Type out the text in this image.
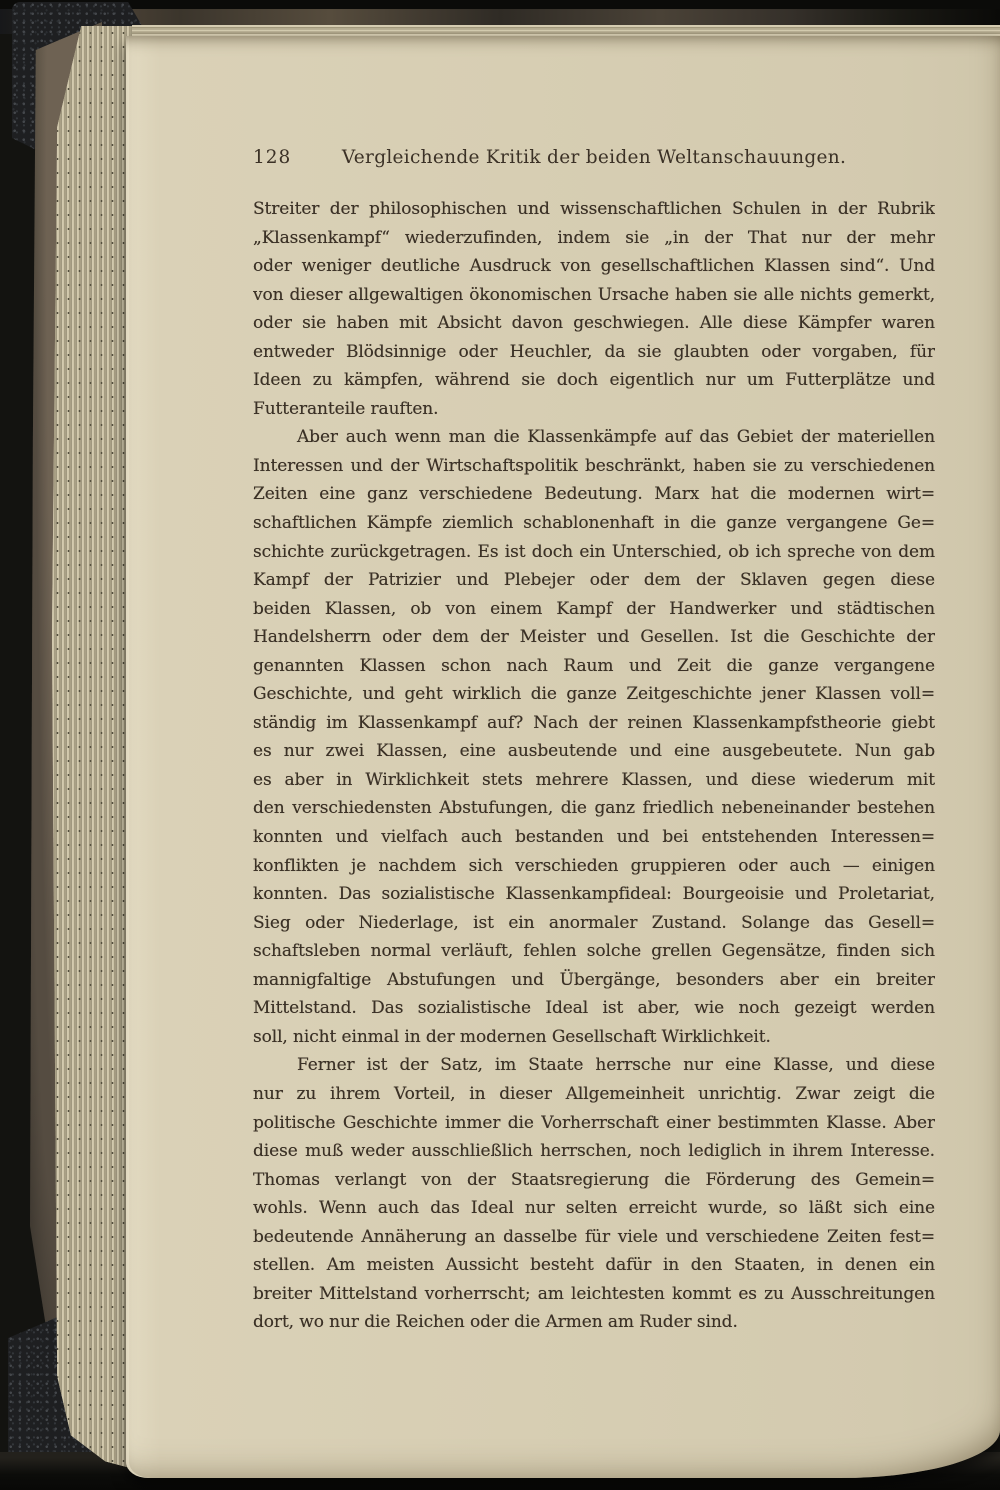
128	Vergleichende Kritik der beiden Weltanschauungen.
Streiter der philosophischen und wissenschaftlichen Schulen in der Rubrik
„Klassenkampf“ wiederzufinden, indem sie „in der That nur der mehr
oder weniger deutliche Ausdruck von gesellschaftlichen Klassen sind“. Und
von dieser allgewaltigen ökonomischen Ursache haben sie alle nichts gemerkt,
oder sie haben mit Absicht davon geschwiegen. Alle diese Kämpfer waren
entweder Blödsinnige oder Heuchler, da sie glaubten oder vorgaben, für
Ideen zu kämpfen, während sie doch eigentlich nur um Futterplätze und
Futteranteile rauften.
Aber auch wenn man die Klassenkämpfe auf das Gebiet der materiellen
Interessen und der Wirtschaftspolitik beschränkt, haben sie zu verschiedenen
Zeiten eine ganz verschiedene Bedeutung. Marx hat die modernen wirt=
schaftlichen Kämpfe ziemlich schablonenhaft in die ganze vergangene Ge=
schichte zurückgetragen. Es ist doch ein Unterschied, ob ich spreche von dem
Kampf der Patrizier und Plebejer oder dem der Sklaven gegen diese
beiden Klassen, ob von einem Kampf der Handwerker und städtischen
Handelsherrn oder dem der Meister und Gesellen. Ist die Geschichte der
genannten Klassen schon nach Raum und Zeit die ganze vergangene
Geschichte, und geht wirklich die ganze Zeitgeschichte jener Klassen voll=
ständig im Klassenkampf auf? Nach der reinen Klassenkampfstheorie giebt
es nur zwei Klassen, eine ausbeutende und eine ausgebeutete. Nun gab
es aber in Wirklichkeit stets mehrere Klassen, und diese wiederum mit
den verschiedensten Abstufungen, die ganz friedlich nebeneinander bestehen
konnten und vielfach auch bestanden und bei entstehenden Interessen=
konflikten je nachdem sich verschieden gruppieren oder auch — einigen
konnten. Das sozialistische Klassenkampfideal: Bourgeoisie und Proletariat,
Sieg oder Niederlage, ist ein anormaler Zustand. Solange das Gesell=
schaftsleben normal verläuft, fehlen solche grellen Gegensätze, finden sich
mannigfaltige Abstufungen und Übergänge, besonders aber ein breiter
Mittelstand. Das sozialistische Ideal ist aber, wie noch gezeigt werden
soll, nicht einmal in der modernen Gesellschaft Wirklichkeit.
Ferner ist der Satz, im Staate herrsche nur eine Klasse, und diese
nur zu ihrem Vorteil, in dieser Allgemeinheit unrichtig. Zwar zeigt die
politische Geschichte immer die Vorherrschaft einer bestimmten Klasse. Aber
diese muß weder ausschließlich herrschen, noch lediglich in ihrem Interesse.
Thomas verlangt von der Staatsregierung die Förderung des Gemein=
wohls. Wenn auch das Ideal nur selten erreicht wurde, so läßt sich eine
bedeutende Annäherung an dasselbe für viele und verschiedene Zeiten fest=
stellen. Am meisten Aussicht besteht dafür in den Staaten, in denen ein
breiter Mittelstand vorherrscht; am leichtesten kommt es zu Ausschreitungen
dort, wo nur die Reichen oder die Armen am Ruder sind.
